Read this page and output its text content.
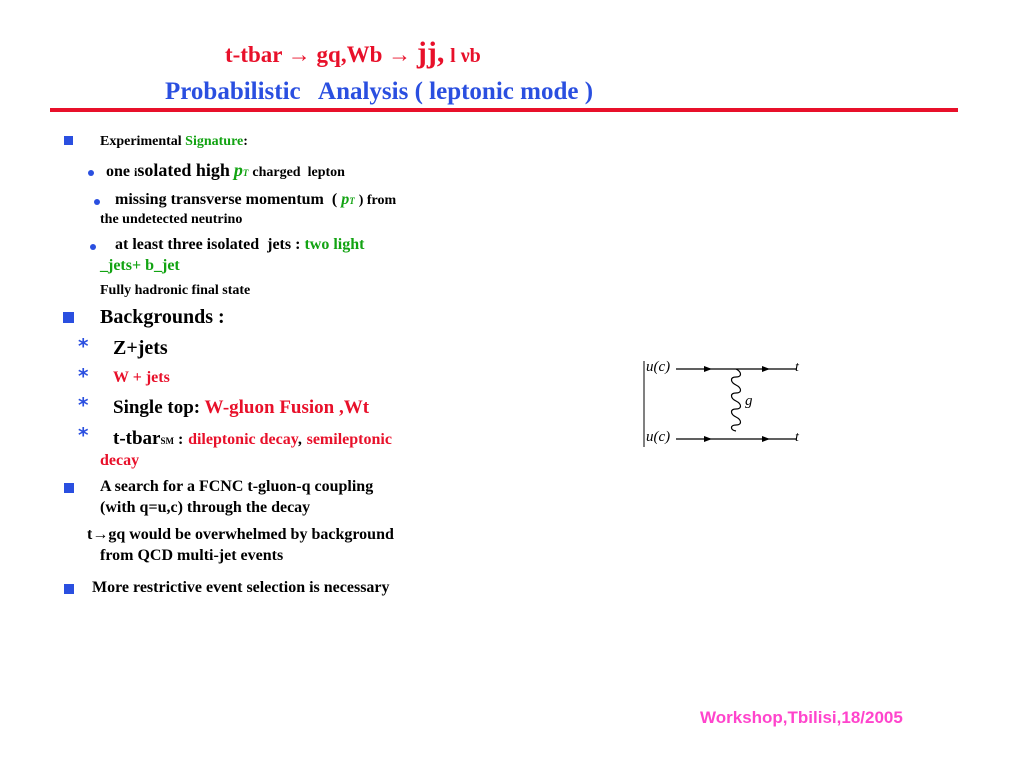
t-tbar → gq,Wb → jj, l νb
Probabilistic   Analysis ( leptonic mode )
Experimental Signature:
one isolated high pT charged  lepton
missing transverse momentum  ( pT ) from
the undetected neutrino
at least three isolated  jets : two light
_jets+ b_jet
Fully hadronic final state
Backgrounds :
* Z+jets
* W + jets
* Single top: W-gluon Fusion ,Wt
* t-tbarSM : dileptonic decay, semileptonic
decay
A search for a FCNC t-gluon-q coupling
(with q=u,c) through the decay
t→gq would be overwhelmed by background
from QCD multi-jet events
More restrictive event selection is necessary
u(c)	t
u(c)	t
g
Workshop,Tbilisi,18/2005
